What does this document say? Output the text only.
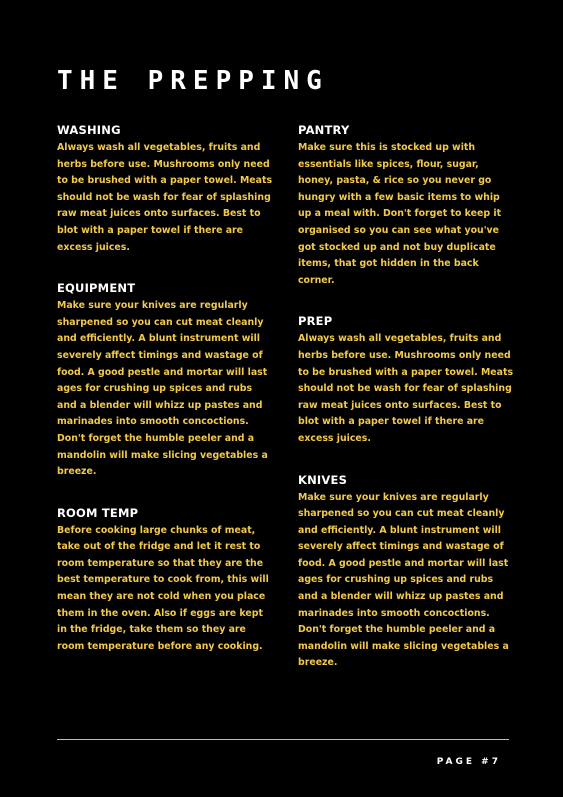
THE PREPPING
WASHING

Always wash all vegetables, fruits and herbs before use. Mushrooms only need to be brushed with a paper towel. Meats should not be wash for fear of splashing raw meat juices onto surfaces. Best to blot with a paper towel if there are excess juices.

EQUIPMENT

Make sure your knives are regularly sharpened so you can cut meat cleanly and efficiently. A blunt instrument will severely affect timings and wastage of food. A good pestle and mortar will last ages for crushing up spices and rubs and a blender will whizz up pastes and marinades into smooth concoctions. Don't forget the humble peeler and a mandolin will make slicing vegetables a breeze.

ROOM TEMP

Before cooking large chunks of meat, take out of the fridge and let it rest to room temperature so that they are the best temperature to cook from, this will mean they are not cold when you place them in the oven. Also if eggs are kept in the fridge, take them so they are room temperature before any cooking.

PANTRY

Make sure this is stocked up with essentials like spices, flour, sugar, honey, pasta, & rice so you never go hungry with a few basic items to whip up a meal with. Don't forget to keep it organised so you can see what you've got stocked up and not buy duplicate items, that got hidden in the back corner.

PREP

Always wash all vegetables, fruits and herbs before use. Mushrooms only need to be brushed with a paper towel. Meats should not be wash for fear of splashing raw meat juices onto surfaces. Best to blot with a paper towel if there are excess juices.

KNIVES

Make sure your knives are regularly sharpened so you can cut meat cleanly and efficiently. A blunt instrument will severely affect timings and wastage of food. A good pestle and mortar will last ages for crushing up spices and rubs and a blender will whizz up pastes and marinades into smooth concoctions. Don't forget the humble peeler and a mandolin will make slicing vegetables a breeze.

PAGE #7
